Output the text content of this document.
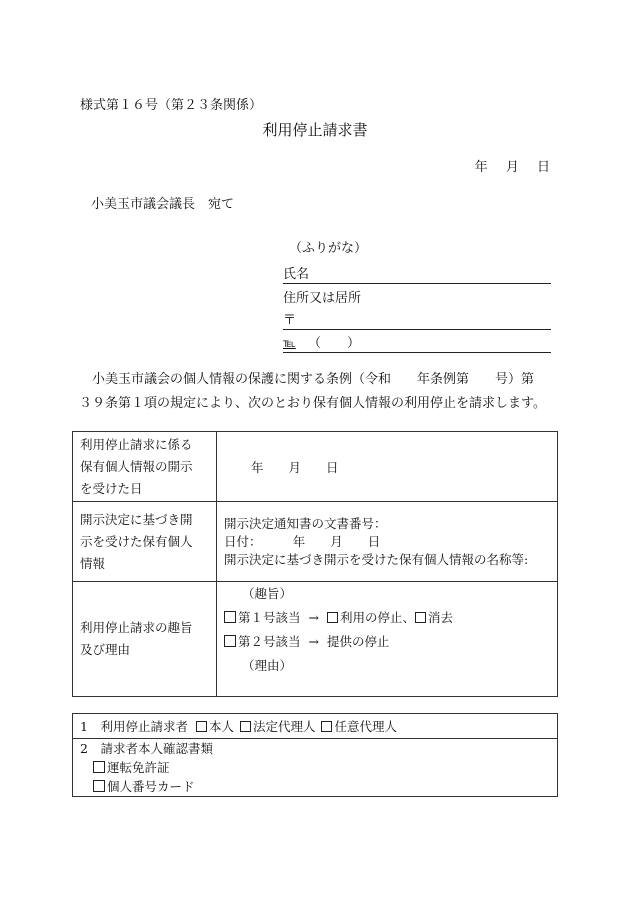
様式第１６号（第２３条関係）
利用停止請求書
年 月 日
小美玉市議会議長　宛て
（ふりがな）
氏名
住所又は居所
〒
℡ （　　）

小美玉市議会の個人情報の保護に関する条例（令和　　年条例第　　号）第

３９条第１項の規定により、次のとおり保有個人情報の利用停止を請求します。

利用停止請求に係る
保有個人情報の開示
を受けた日	年　　月　　日

開示決定に基づき開
示を受けた保有個人
情報	開示決定通知書の文書番号：
日付：　　　年　　月　　日
開示決定に基づき開示を受けた保有個人情報の名称等:

利用停止請求の趣旨
及び理由	（趣旨）
第１号該当 → 利用の停止、 消去
第２号該当 → 提供の停止
（理由）
1　利用停止請求者 本人 法定代理人 任意代理人

2　請求者本人確認書類
運転免許証
個人番号カード
